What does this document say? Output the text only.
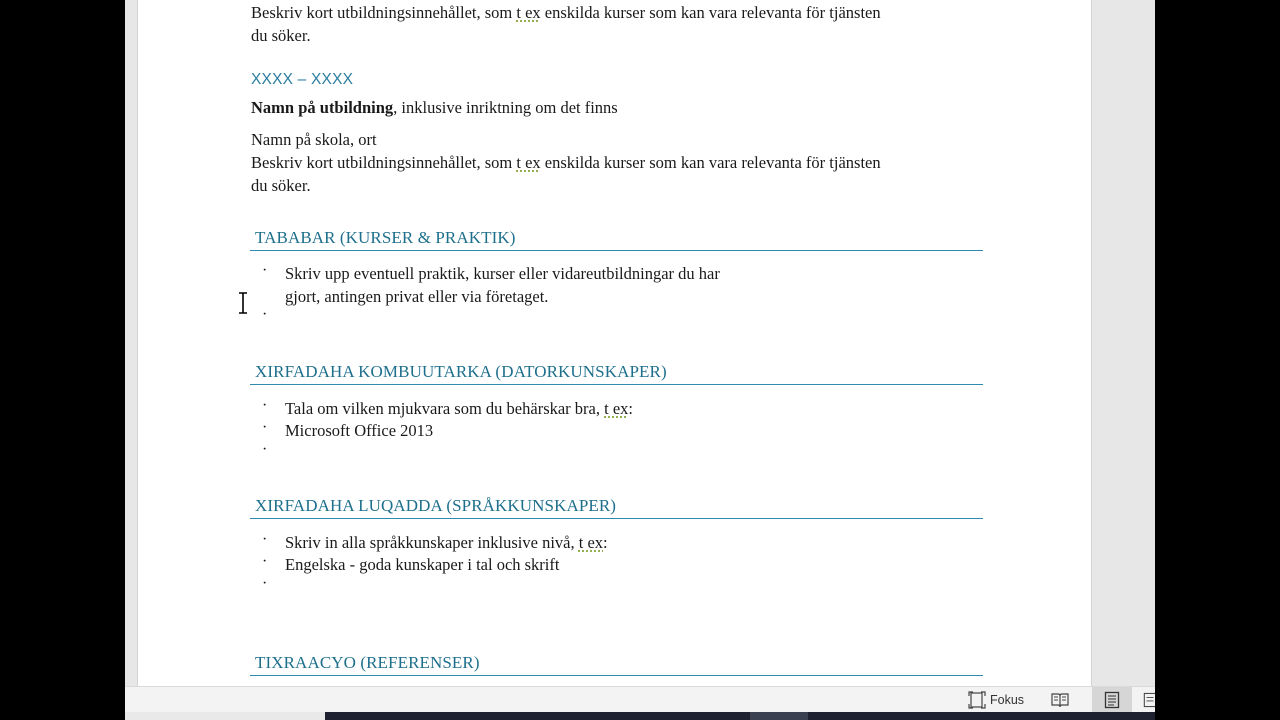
Beskriv kort utbildningsinnehållet, som t ex enskilda kurser som kan vara relevanta för tjänsten
du söker.
XXXX – XXXX
Namn på utbildning, inklusive inriktning om det finns
Namn på skola, ort
Beskriv kort utbildningsinnehållet, som t ex enskilda kurser som kan vara relevanta för tjänsten
du söker.
TABABAR (KURSER & PRAKTIK)
· Skriv upp eventuell praktik, kurser eller vidareutbildningar du har
gjort, antingen privat eller via företaget.
·
XIRFADAHA KOMBUUTARKA (DATORKUNSKAPER)
· Tala om vilken mjukvara som du behärskar bra, t ex:
· Microsoft Office 2013
·
XIRFADAHA LUQADDA (SPRÅKKUNSKAPER)
· Skriv in alla språkkunskaper inklusive nivå, t ex:
· Engelska - goda kunskaper i tal och skrift
·
TIXRAACYO (REFERENSER)
Fokus
